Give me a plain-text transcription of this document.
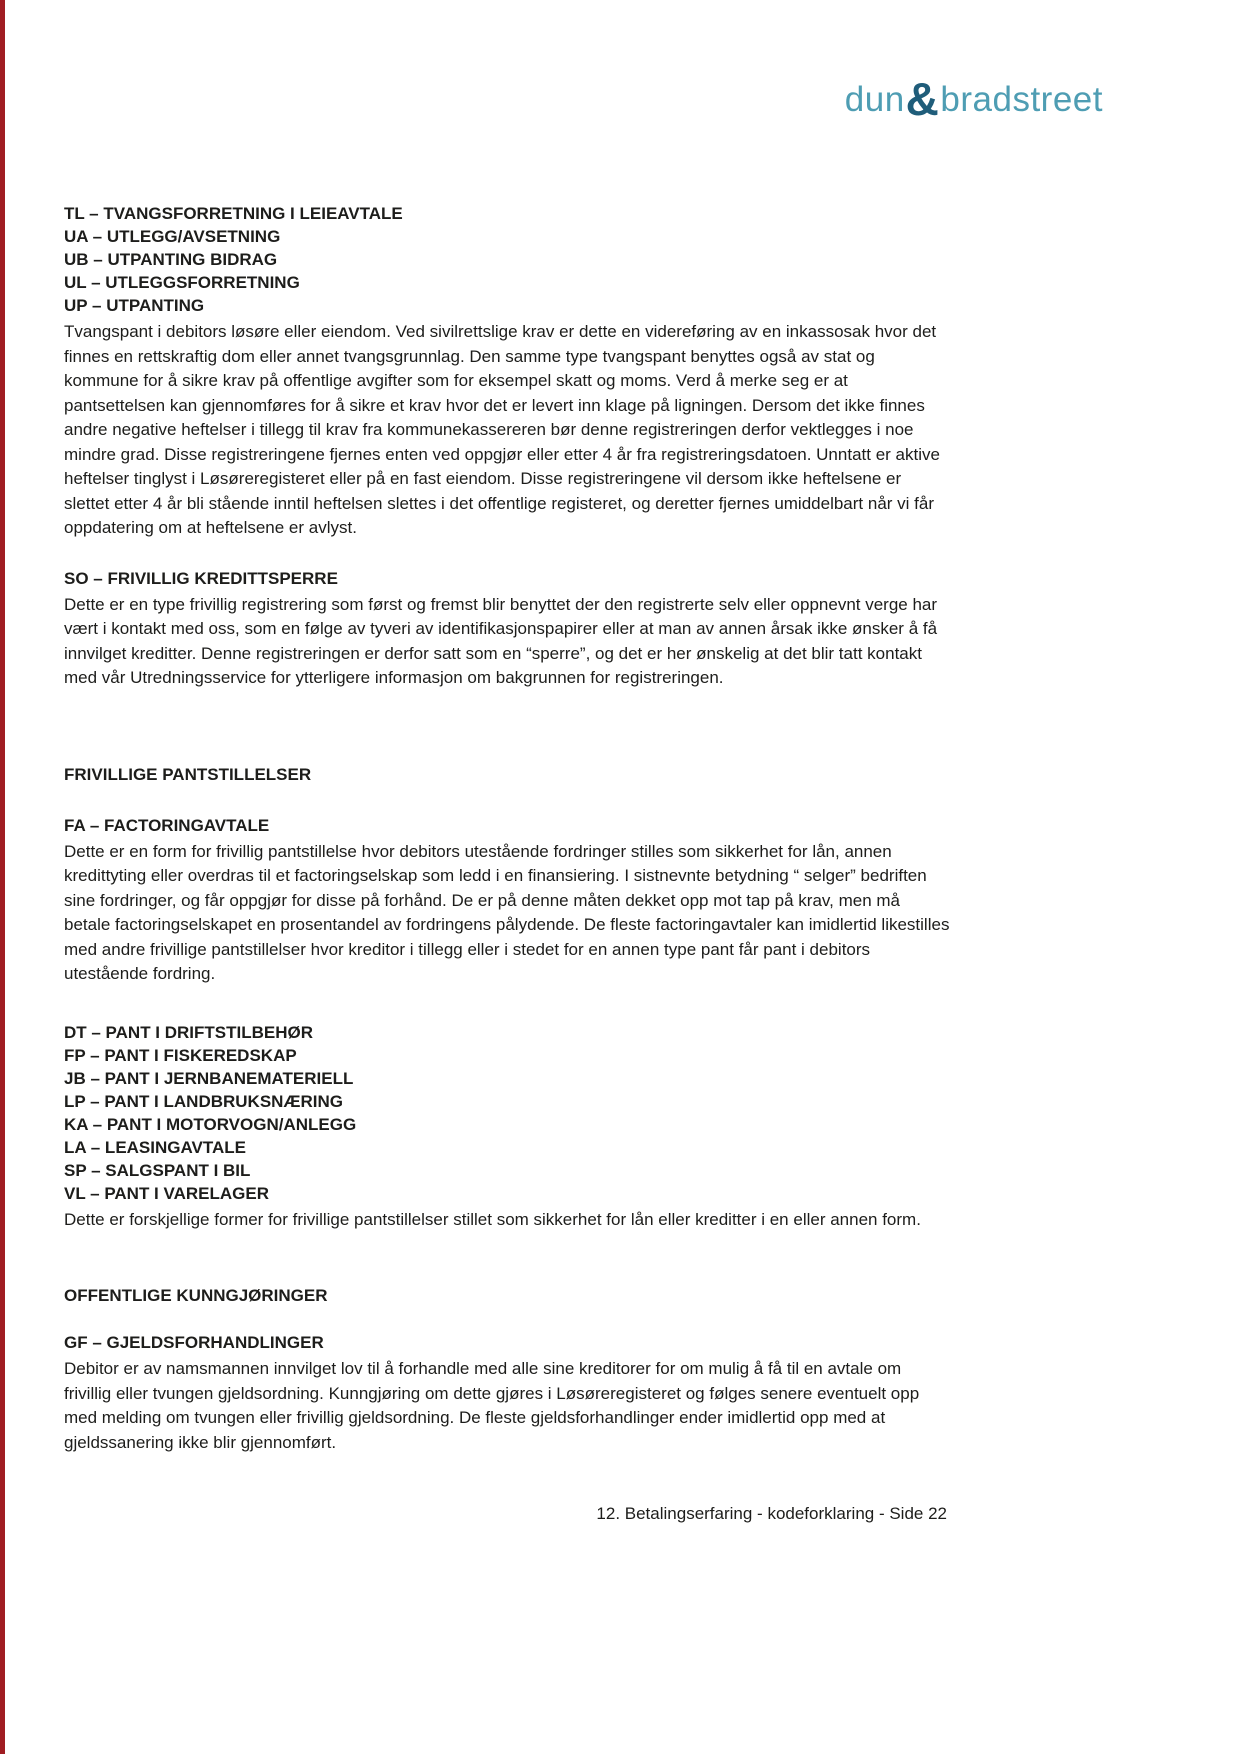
dun&bradstreet
TL – TVANGSFORRETNING I LEIEAVTALE
UA – UTLEGG/AVSETNING
UB – UTPANTING BIDRAG
UL – UTLEGGSFORRETNING
UP – UTPANTING

Tvangspant i debitors løsøre eller eiendom. Ved sivilrettslige krav er dette en videreføring av en inkassosak hvor det finnes en rettskraftig dom eller annet tvangsgrunnlag. Den samme type tvangspant benyttes også av stat og kommune for å sikre krav på offentlige avgifter som for eksempel skatt og moms. Verd å merke seg er at pantsettelsen kan gjennomføres for å sikre et krav hvor det er levert inn klage på ligningen. Dersom det ikke finnes andre negative heftelser i tillegg til krav fra kommunekassereren bør denne registreringen derfor vektlegges i noe mindre grad. Disse registreringene fjernes enten ved oppgjør eller etter 4 år fra registreringsdatoen. Unntatt er aktive heftelser tinglyst i Løsøreregisteret eller på en fast eiendom. Disse registreringene vil dersom ikke heftelsene er slettet etter 4 år bli stående inntil heftelsen slettes i det offentlige registeret, og deretter fjernes umiddelbart når vi får oppdatering om at heftelsene er avlyst.

SO – FRIVILLIG KREDITTSPERRE

Dette er en type frivillig registrering som først og fremst blir benyttet der den registrerte selv eller oppnevnt verge har vært i kontakt med oss, som en følge av tyveri av identifikasjonspapirer eller at man av annen årsak ikke ønsker å få innvilget kreditter. Denne registreringen er derfor satt som en “sperre”, og det er her ønskelig at det blir tatt kontakt med vår Utredningsservice for ytterligere informasjon om bakgrunnen for registreringen.

FRIVILLIGE PANTSTILLELSER
FA – FACTORINGAVTALE

Dette er en form for frivillig pantstillelse hvor debitors utestående fordringer stilles som sikkerhet for lån, annen kredittyting eller overdras til et factoringselskap som ledd i en finansiering. I sistnevnte betydning “ selger” bedriften sine fordringer, og får oppgjør for disse på forhånd. De er på denne måten dekket opp mot tap på krav, men må betale factoringselskapet en prosentandel av fordringens pålydende. De fleste factoringavtaler kan imidlertid likestilles med andre frivillige pantstillelser hvor kreditor i tillegg eller i stedet for en annen type pant får pant i debitors utestående fordring.

DT – PANT I DRIFTSTILBEHØR
FP – PANT I FISKEREDSKAP
JB – PANT I JERNBANEMATERIELL
LP – PANT I LANDBRUKSNÆRING
KA – PANT I MOTORVOGN/ANLEGG
LA – LEASINGAVTALE
SP – SALGSPANT I BIL
VL – PANT I VARELAGER

Dette er forskjellige former for frivillige pantstillelser stillet som sikkerhet for lån eller kreditter i en eller annen form.

OFFENTLIGE KUNNGJØRINGER
GF – GJELDSFORHANDLINGER

Debitor er av namsmannen innvilget lov til å forhandle med alle sine kreditorer for om mulig å få til en avtale om frivillig eller tvungen gjeldsordning. Kunngjøring om dette gjøres i Løsøreregisteret og følges senere eventuelt opp med melding om tvungen eller frivillig gjeldsordning. De fleste gjeldsforhandlinger ender imidlertid opp med at gjeldssanering ikke blir gjennomført.

12. Betalingserfaring - kodeforklaring - Side 22
